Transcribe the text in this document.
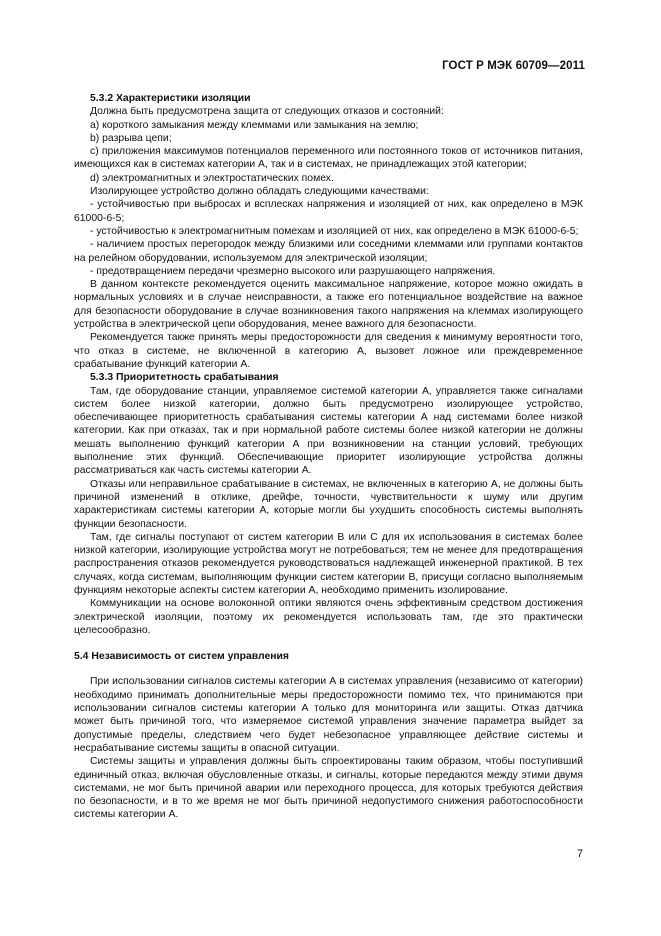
ГОСТ Р МЭК 60709—2011

5.3.2 Характеристики изоляции

Должна быть предусмотрена защита от следующих отказов и состояний:

а) короткого замыкания между клеммами или замыкания на землю;

b) разрыва цепи;

c) приложения максимумов потенциалов переменного или постоянного токов от источников питания, имеющихся как в системах категории А, так и в системах, не принадлежащих этой категории;

d) электромагнитных и электростатических помех.

Изолирующее устройство должно обладать следующими качествами:

- устойчивостью при выбросах и всплесках напряжения и изоляцией от них, как определено в МЭК 61000-6-5;

- устойчивостью к электромагнитным помехам и изоляцией от них, как определено в МЭК 61000-6-5;

- наличием простых перегородок между близкими или соседними клеммами или группами контактов на релейном оборудовании, используемом для электрической изоляции;

- предотвращением передачи чрезмерно высокого или разрушающего напряжения.

В данном контексте рекомендуется оценить максимальное напряжение, которое можно ожидать в нормальных условиях и в случае неисправности, а также его потенциальное воздействие на важное для безопасности оборудование в случае возникновения такого напряжения на клеммах изолирующего устройства в электрической цепи оборудования, менее важного для безопасности.

Рекомендуется также принять меры предосторожности для сведения к минимуму вероятности того, что отказ в системе, не включенной в категорию А, вызовет ложное или преждевременное срабатывание функций категории А.

5.3.3 Приоритетность срабатывания

Там, где оборудование станции, управляемое системой категории А, управляется также сигналами систем более низкой категории, должно быть предусмотрено изолирующее устройство, обеспечивающее приоритетность срабатывания системы категории А над системами более низкой категории. Как при отказах, так и при нормальной работе системы более низкой категории не должны мешать выполнению функций категории А при возникновении на станции условий, требующих выполнение этих функций. Обеспечивающие приоритет изолирующие устройства должны рассматриваться как часть системы категории А.

Отказы или неправильное срабатывание в системах, не включенных в категорию А, не должны быть причиной изменений в отклике, дрейфе, точности, чувствительности к шуму или другим характеристикам системы категории А, которые могли бы ухудшить способность системы выполнять функции безопасности.

Там, где сигналы поступают от систем категории В или С для их использования в системах более низкой категории, изолирующие устройства могут не потребоваться; тем не менее для предотвращения распространения отказов рекомендуется руководствоваться надлежащей инженерной практикой. В тех случаях, когда системам, выполняющим функции систем категории В, присущи согласно выполняемым функциям некоторые аспекты систем категории А, необходимо применить изолирование.

Коммуникации на основе волоконной оптики являются очень эффективным средством достижения электрической изоляции, поэтому их рекомендуется использовать там, где это практически целесообразно.

5.4 Независимость от систем управления

При использовании сигналов системы категории А в системах управления (независимо от категории) необходимо принимать дополнительные меры предосторожности помимо тех, что принимаются при использовании сигналов системы категории А только для мониторинга или защиты. Отказ датчика может быть причиной того, что измеряемое системой управления значение параметра выйдет за допустимые пределы, следствием чего будет небезопасное управляющее действие системы и несрабатывание системы защиты в опасной ситуации.

Системы защиты и управления должны быть спроектированы таким образом, чтобы поступивший единичный отказ, включая обусловленные отказы, и сигналы, которые передаются между этими двумя системами, не мог быть причиной аварии или переходного процесса, для которых требуются действия по безопасности, и в то же время не мог быть причиной недопустимого снижения работоспособности системы категории А.

7
